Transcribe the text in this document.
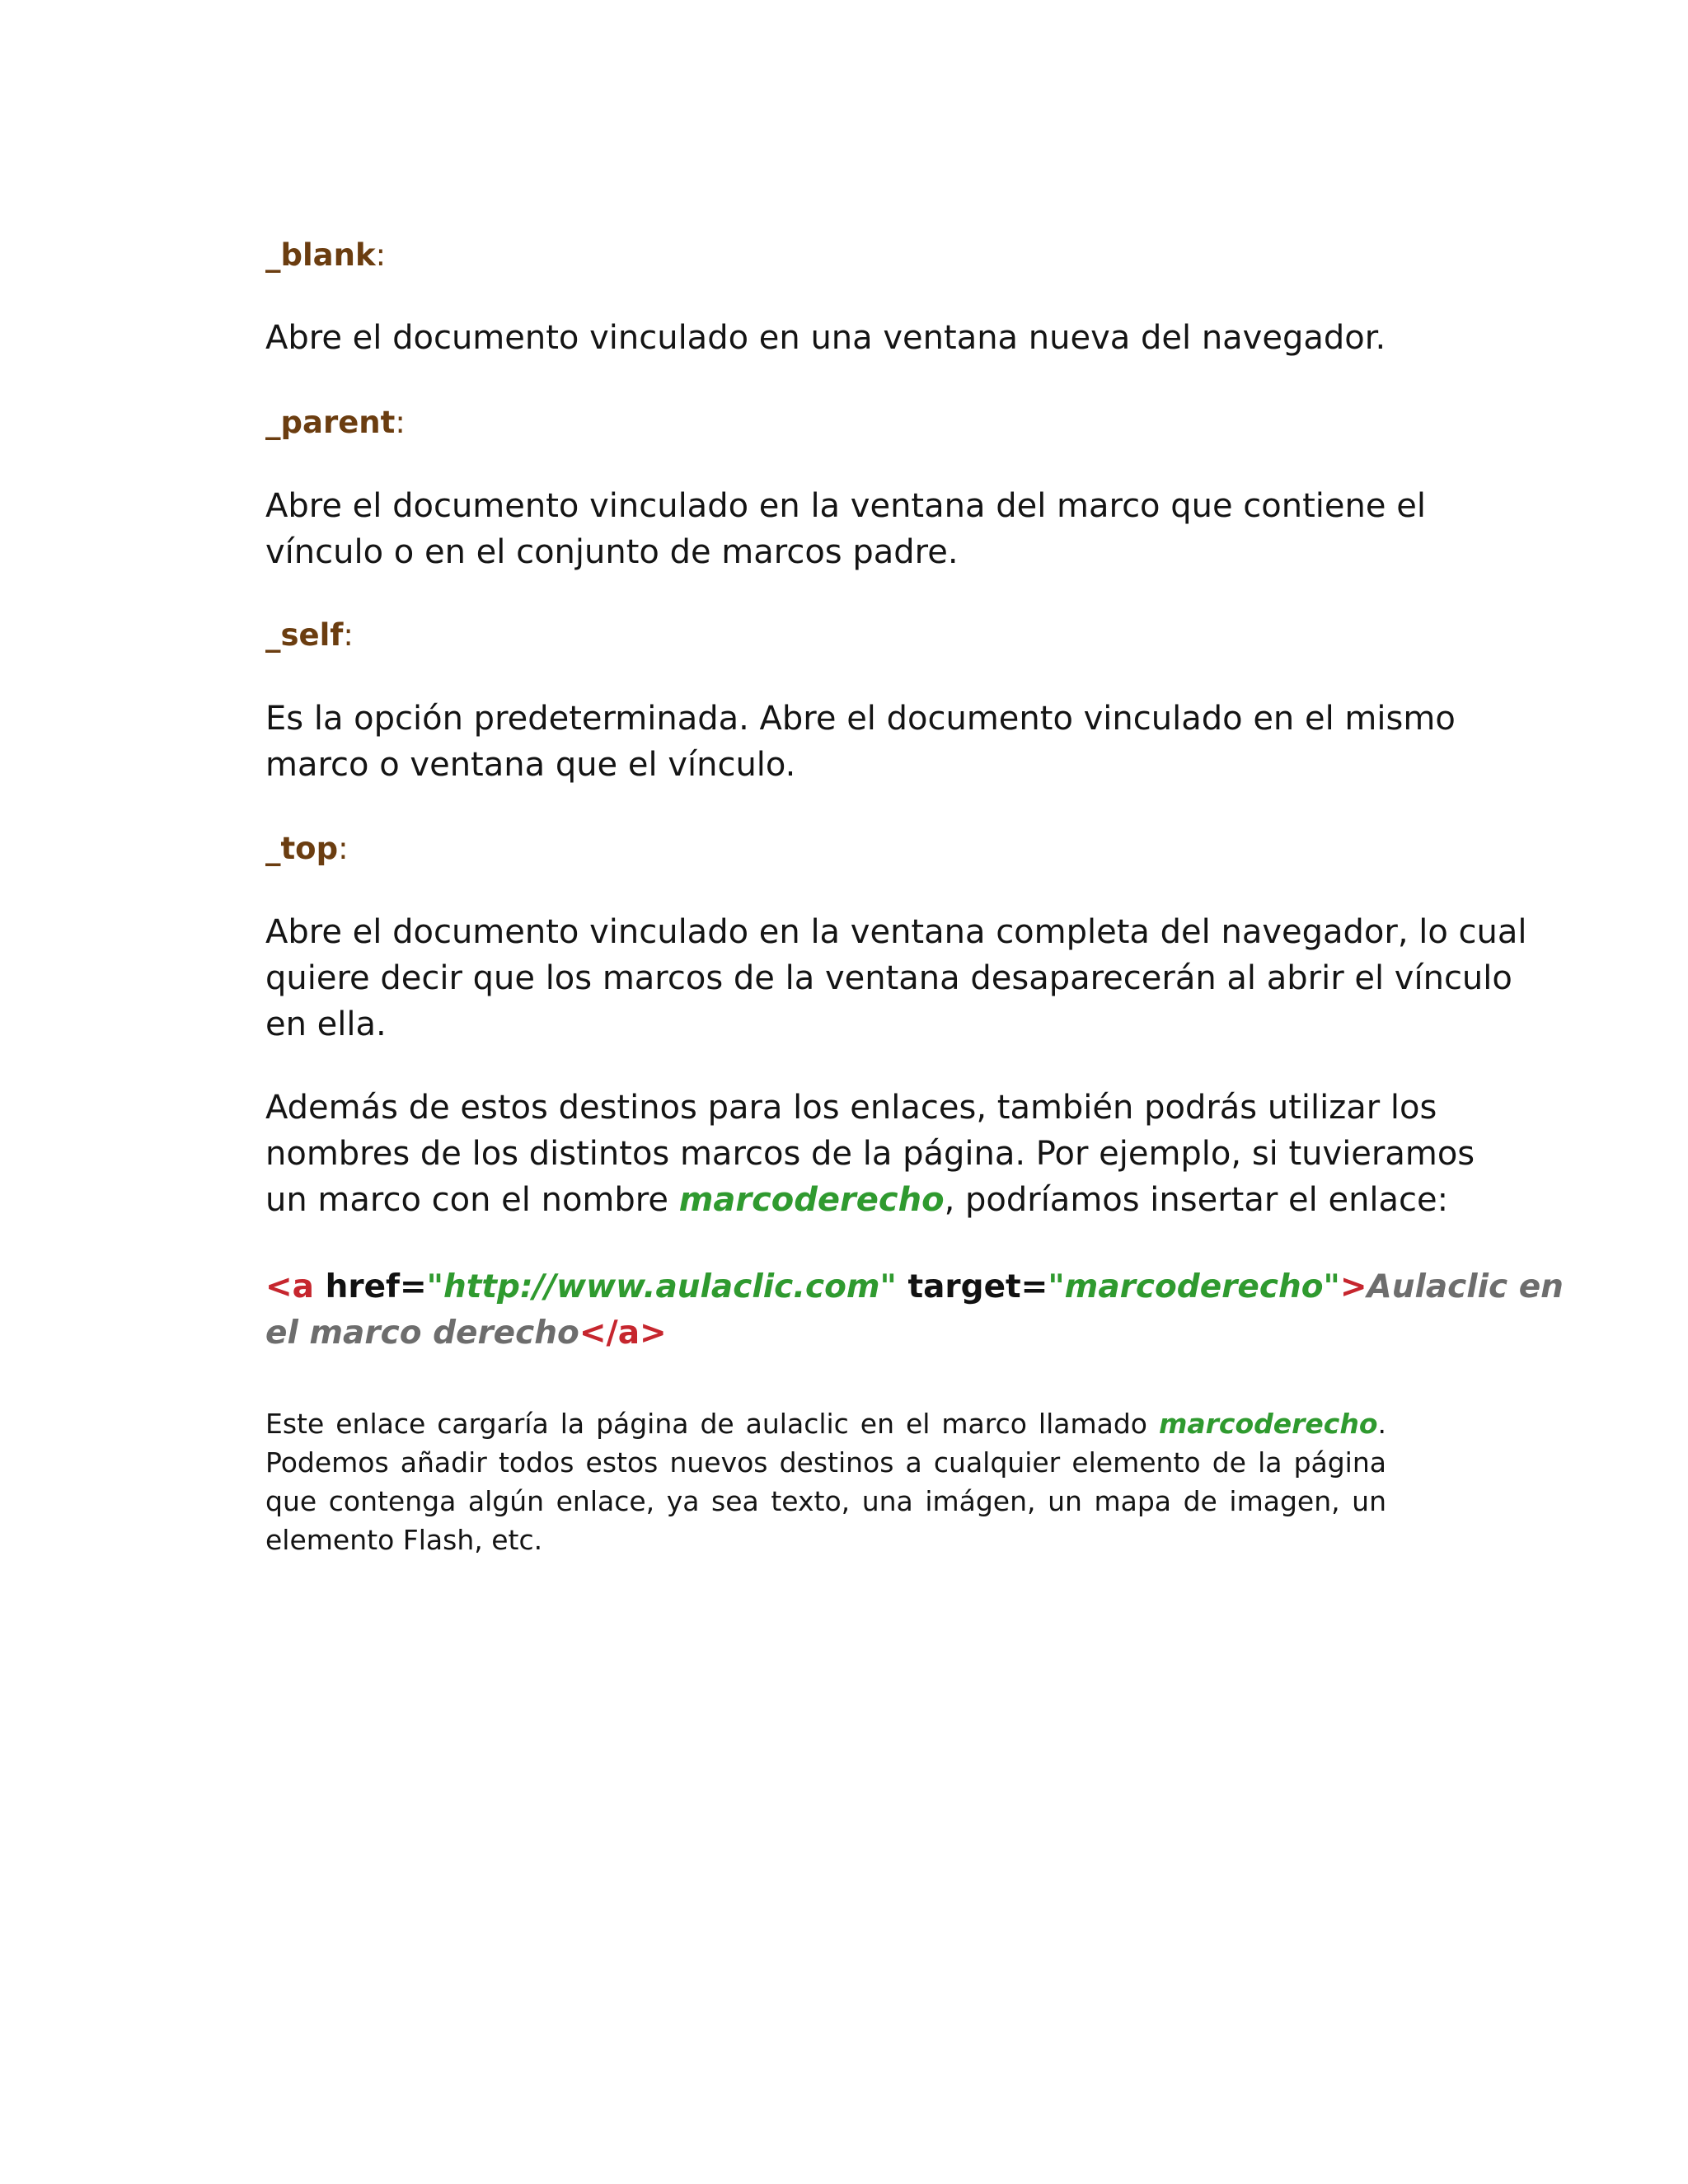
_blank:
Abre el documento vinculado en una ventana nueva del navegador.
_parent:
Abre el documento vinculado en la ventana del marco que contiene el
vínculo o en el conjunto de marcos padre.
_self:
Es la opción predeterminada. Abre el documento vinculado en el mismo
marco o ventana que el vínculo.
_top:
Abre el documento vinculado en la ventana completa del navegador, lo cual
quiere decir que los marcos de la ventana desaparecerán al abrir el vínculo
en ella.
Además de estos destinos para los enlaces, también podrás utilizar los
nombres de los distintos marcos de la página. Por ejemplo, si tuvieramos
un marco con el nombre marcoderecho, podríamos insertar el enlace:
<a href="http://www.aulaclic.com" target="marcoderecho">Aulaclic en
el marco derecho</a>
Este enlace cargaría la página de aulaclic en el marco llamado marcoderecho. Podemos añadir todos estos nuevos destinos a cualquier elemento de la página que contenga algún enlace, ya sea texto, una imágen, un mapa de imagen, un elemento Flash, etc.
